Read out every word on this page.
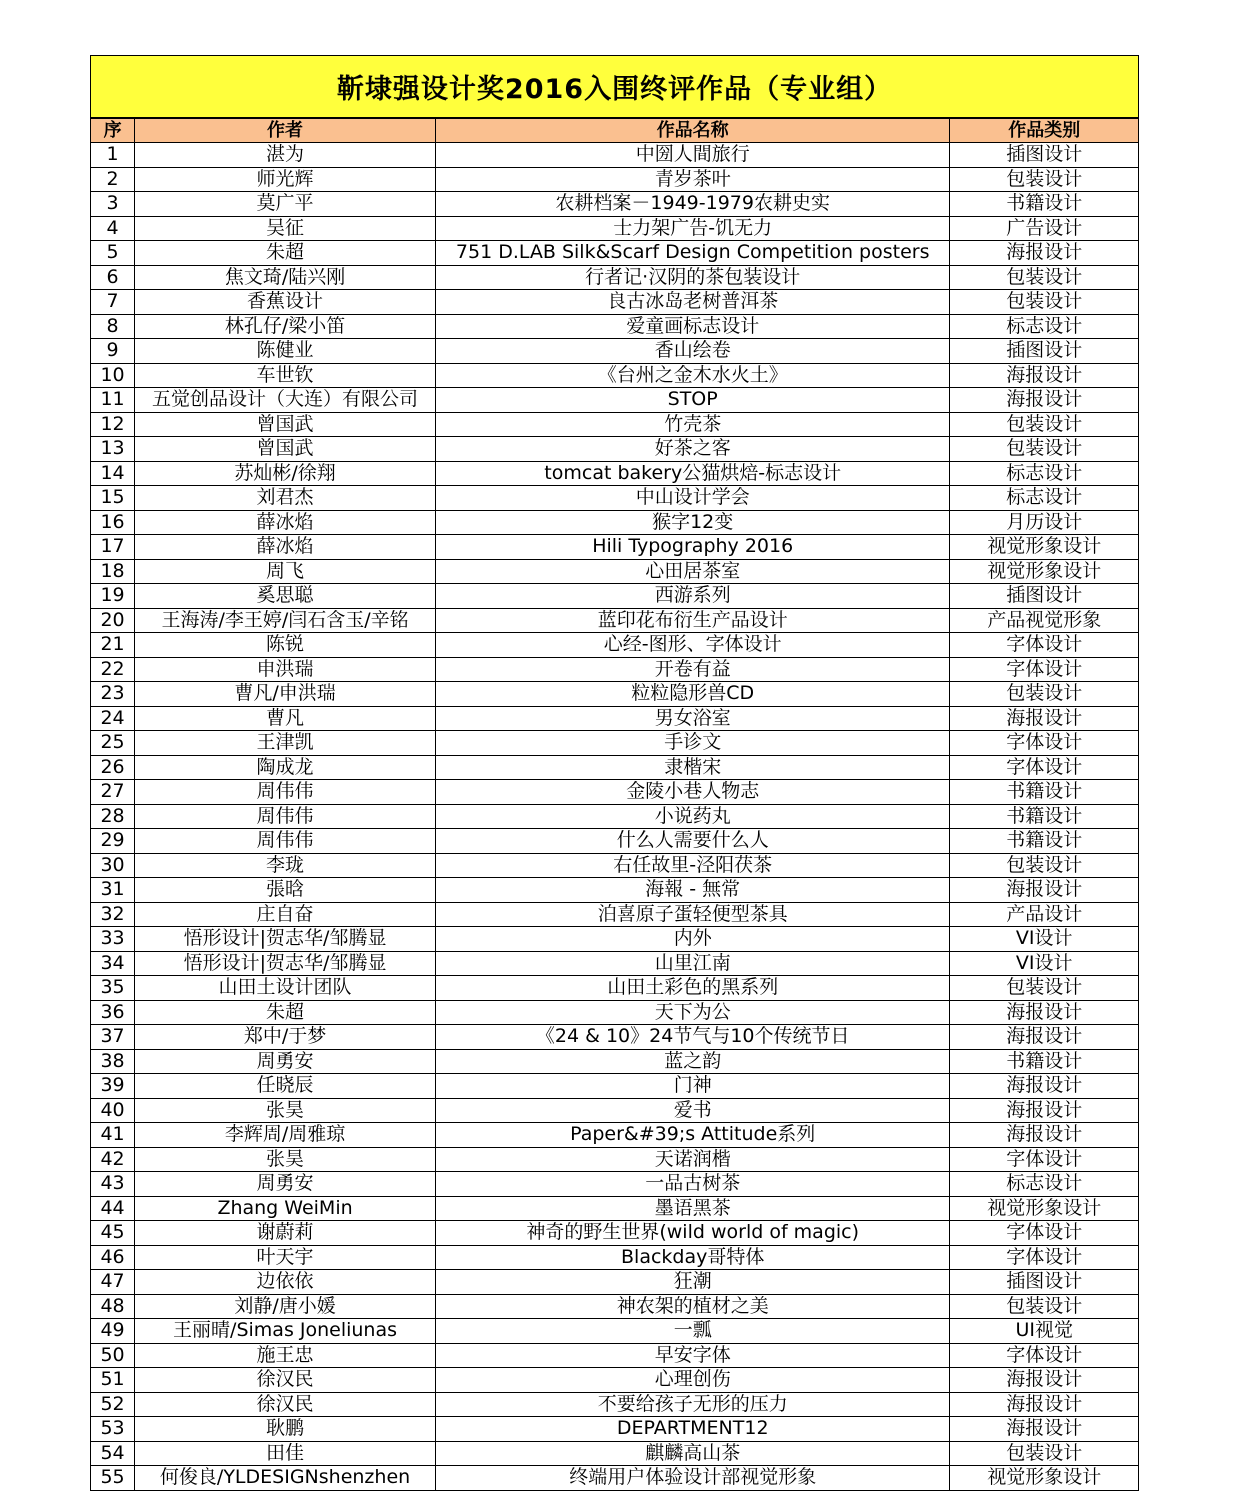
靳埭强设计奖2016入围终评作品（专业组）			
序	作者	作品名称	作品类别
1	湛为	中圀人間旅行	插图设计
2	师光辉	青岁茶叶	包装设计
3	莫广平	农耕档案－1949-1979农耕史实	书籍设计
4	吴征	士力架广告-饥无力	广告设计
5	朱超	751 D.LAB Silk&Scarf Design Competition posters	海报设计
6	焦文琦/陆兴刚	行者记·汉阴的茶包装设计	包装设计
7	香蕉设计	良古冰岛老树普洱茶	包装设计
8	林孔仔/梁小笛	爱童画标志设计	标志设计
9	陈健业	香山绘卷	插图设计
10	车世钦	《台州之金木水火土》	海报设计
11	五觉创品设计（大连）有限公司	STOP	海报设计
12	曾国武	竹壳茶	包装设计
13	曾国武	好茶之客	包装设计
14	苏灿彬/徐翔	tomcat bakery公猫烘焙-标志设计	标志设计
15	刘君杰	中山设计学会	标志设计
16	薛冰焰	猴字12变	月历设计
17	薛冰焰	Hili Typography 2016	视觉形象设计
18	周飞	心田居茶室	视觉形象设计
19	奚思聪	西游系列	插图设计
20	王海涛/李王婷/闫石含玉/辛铭	蓝印花布衍生产品设计	产品视觉形象
21	陈锐	心经-图形、字体设计	字体设计
22	申洪瑞	开卷有益	字体设计
23	曹凡/申洪瑞	粒粒隐形兽CD	包装设计
24	曹凡	男女浴室	海报设计
25	王津凯	手诊文	字体设计
26	陶成龙	隶楷宋	字体设计
27	周伟伟	金陵小巷人物志	书籍设计
28	周伟伟	小说药丸	书籍设计
29	周伟伟	什么人需要什么人	书籍设计
30	李珑	右任故里-泾阳茯茶	包装设计
31	張晗	海報 - 無常	海报设计
32	庄自奋	泊喜原子蛋轻便型茶具	产品设计
33	悟形设计|贺志华/邹腾显	内外	VI设计
34	悟形设计|贺志华/邹腾显	山里江南	VI设计
35	山田土设计团队	山田土彩色的黑系列	包装设计
36	朱超	天下为公	海报设计
37	郑中/于梦	《24 & 10》24节气与10个传统节日	海报设计
38	周勇安	蓝之韵	书籍设计
39	任晓辰	门神	海报设计
40	张昊	爱书	海报设计
41	李辉周/周雅琼	Paper&#39;s Attitude系列	海报设计
42	张昊	天诺润楷	字体设计
43	周勇安	一品古树茶	标志设计
44	Zhang WeiMin	墨语黑茶	视觉形象设计
45	谢蔚莉	神奇的野生世界(wild world of magic)	字体设计
46	叶天宇	Blackday哥特体	字体设计
47	边依依	狂潮	插图设计
48	刘静/唐小媛	神农架的植材之美	包装设计
49	王丽晴/Simas Joneliunas	一瓢	UI视觉
50	施王忠	早安字体	字体设计
51	徐汉民	心理创伤	海报设计
52	徐汉民	不要给孩子无形的压力	海报设计
53	耿鹏	DEPARTMENT12	海报设计
54	田佳	麒麟高山茶	包装设计
55	何俊良/YLDESIGNshenzhen	终端用户体验设计部视觉形象	视觉形象设计
